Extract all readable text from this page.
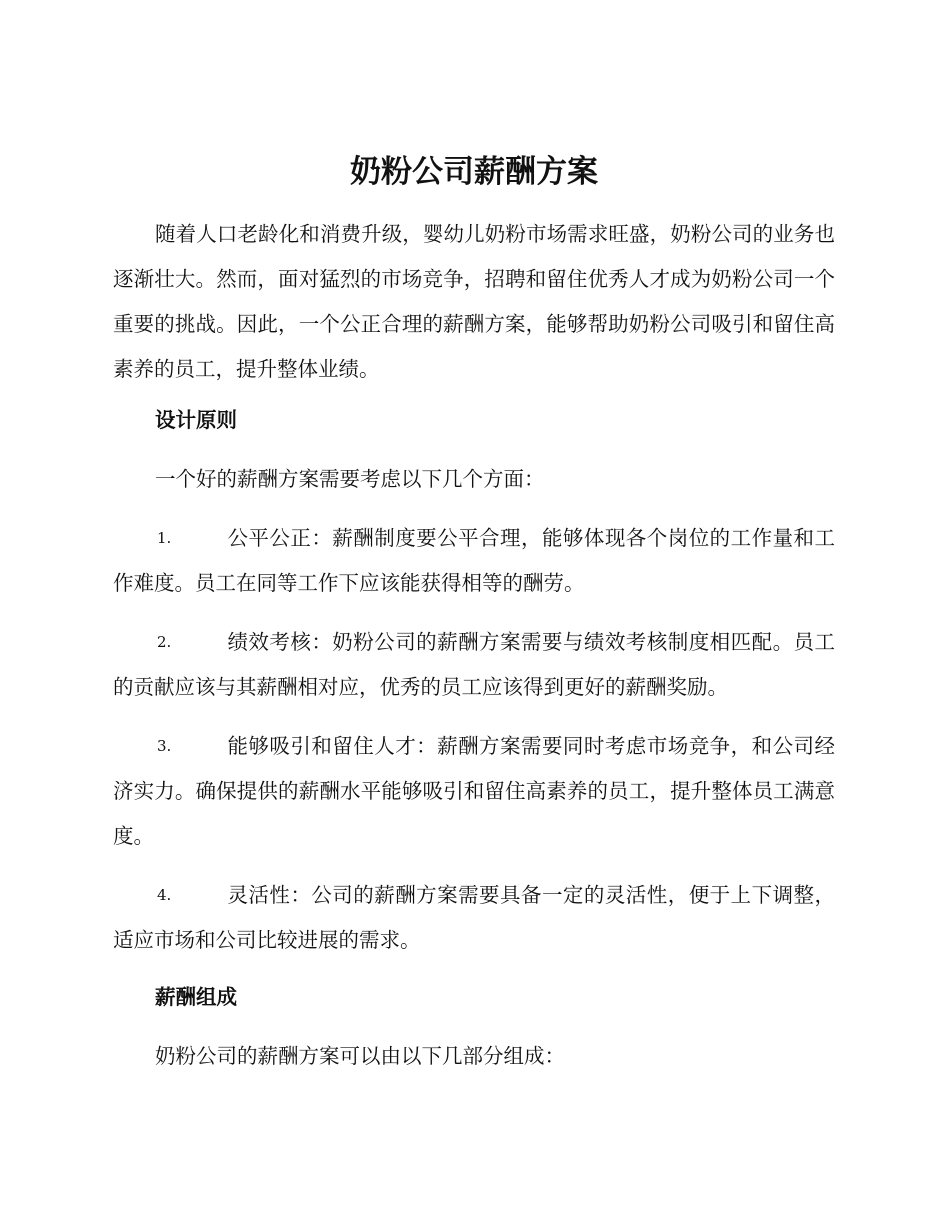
奶粉公司薪酬方案

随着人口老龄化和消费升级，婴幼儿奶粉市场需求旺盛，奶粉公司的业务也逐渐壮大。然而，面对猛烈的市场竞争，招聘和留住优秀人才成为奶粉公司一个重要的挑战。因此，一个公正合理的薪酬方案，能够帮助奶粉公司吸引和留住高素养的员工，提升整体业绩。

设计原则
一个好的薪酬方案需要考虑以下几个方面：
1.	公平公正：薪酬制度要公平合理，能够体现各个岗位的工作量和工作难度。员工在同等工作下应该能获得相等的酬劳。
2.	绩效考核：奶粉公司的薪酬方案需要与绩效考核制度相匹配。员工的贡献应该与其薪酬相对应，优秀的员工应该得到更好的薪酬奖励。
3.	能够吸引和留住人才：薪酬方案需要同时考虑市场竞争，和公司经济实力。确保提供的薪酬水平能够吸引和留住高素养的员工，提升整体员工满意度。
4.	灵活性：公司的薪酬方案需要具备一定的灵活性，便于上下调整，适应市场和公司比较进展的需求。
薪酬组成
奶粉公司的薪酬方案可以由以下几部分组成：
